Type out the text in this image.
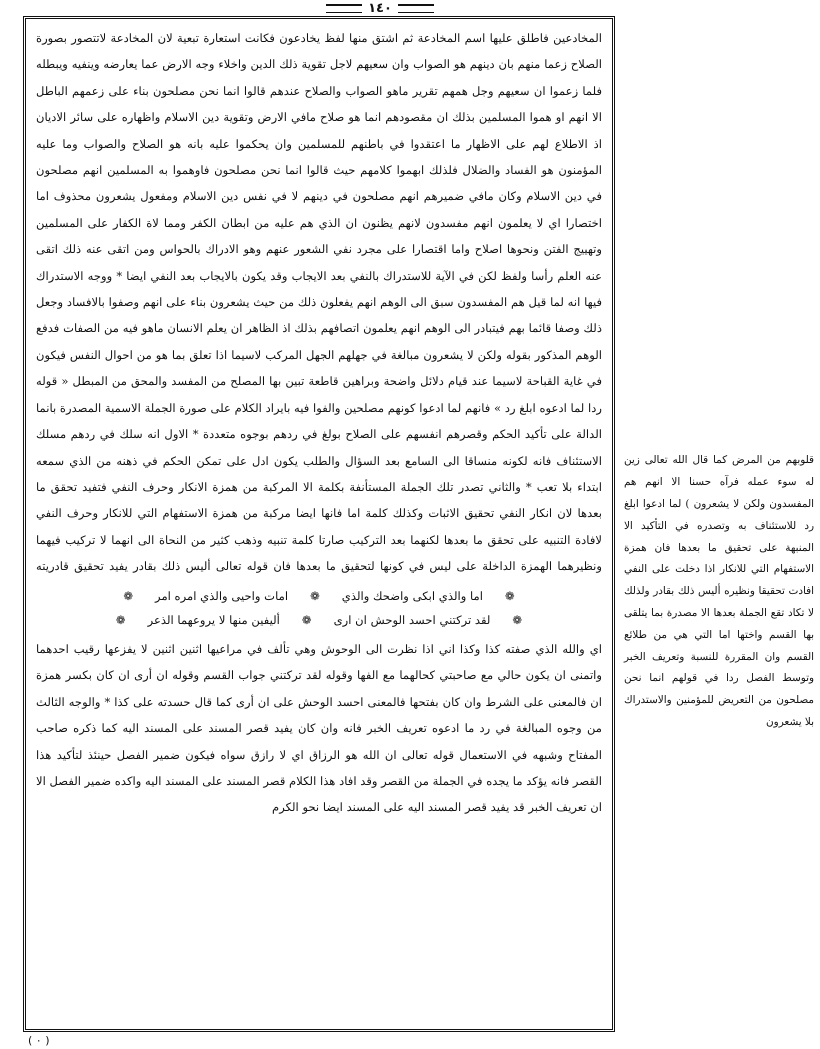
١٤٠

المخادعين فاطلق عليها اسم المخادعة ثم اشتق منها لفظ يخادعون فكانت استعارة تبعية لان المخادعة لاتتصور بصورة الصلاح زعما منهم بان دينهم هو الصواب وان سعيهم لاجل تقوية ذلك الدين واخلاء وجه الارض عما يعارضه وينفيه ويبطله فلما زعموا ان سعيهم وجل همهم تقرير ماهو الصواب والصلاح عندهم قالوا انما نحن مصلحون بناء على زعمهم الباطل الا انهم او هموا المسلمين بذلك ان مقصودهم انما هو صلاح مافي الارض وتقوية دين الاسلام واظهاره على سائر الاديان اذ الاطلاع لهم على الاظهار ما اعتقدوا في باطنهم للمسلمين وان يحكموا عليه بانه هو الصلاح والصواب وما عليه المؤمنون هو الفساد والضلال فلذلك ابهموا كلامهم حيث قالوا انما نحن مصلحون فاوهموا به المسلمين انهم مصلحون في دين الاسلام وكان مافي ضميرهم انهم مصلحون في دينهم لا في نفس دين الاسلام ومفعول يشعرون محذوف اما اختصارا اي لا يعلمون انهم مفسدون لانهم يظنون ان الذي هم عليه من ابطان الكفر ومما لاة الكفار على المسلمين وتهييج الفتن ونحوها اصلاح واما اقتصارا على مجرد نفي الشعور عنهم وهو الادراك بالحواس ومن اتقى عنه ذلك اتقى عنه العلم رأسا ولفظ لكن في الآية للاستدراك بالنفي بعد الايجاب وقد يكون بالايجاب بعد النفي ايضا * ووجه الاستدراك فيها انه لما قيل هم المفسدون سبق الى الوهم انهم يفعلون ذلك من حيث يشعرون بناء على انهم وصفوا بالافساد وجعل ذلك وصفا قائما بهم فيتبادر الى الوهم انهم يعلمون اتصافهم بذلك اذ الظاهر ان يعلم الانسان ماهو فيه من الصفات فدفع الوهم المذكور بقوله ولكن لا يشعرون مبالغة في جهلهم الجهل المركب لاسيما اذا تعلق بما هو من احوال النفس فيكون في غاية القباحة لاسيما عند قيام دلائل واضحة وبراهين قاطعة تبين بها المصلح من المفسد والمحق من المبطل « قوله ردا لما ادعوه ابلغ رد » فانهم لما ادعوا كونهم مصلحين والفوا فيه بايراد الكلام على صورة الجملة الاسمية المصدرة بانما الدالة على تأكيد الحكم وقصرهم انفسهم على الصلاح بولغ في ردهم بوجوه متعددة * الاول انه سلك في ردهم مسلك الاستئناف فانه لكونه منساقا الى السامع بعد السؤال والطلب يكون ادل على تمكن الحكم في ذهنه من الذي سمعه ابتداء بلا تعب * والثاني تصدر تلك الجملة المستأنفة بكلمة الا المركبة من همزة الانكار وحرف النفي فتفيد تحقق ما بعدها لان انكار النفي تحقيق الاثبات وكذلك كلمة اما فانها ايضا مركبة من همزة الاستفهام التي للانكار وحرف النفي لافادة التنبيه على تحقق ما بعدها لكنهما بعد التركيب صارتا كلمة تنبيه وذهب كثير من النحاة الى انهما لا تركيب فيهما ونظيرهما الهمزة الداخلة على ليس في كونها لتحقيق ما بعدها فان قوله تعالى أليس ذلك بقادر يفيد تحقيق قادريته

❁
اما والذي ابكى واضحك والذي
❁
امات واحيى والذي امره امر
❁
❁
لقد تركتني احسد الوحش ان ارى
❁
أليفين منها لا يروعهما الذعر
❁

اي والله الذي صفته كذا وكذا اني اذا نظرت الى الوحوش وهي تألف في مراعيها اثنين اثنين لا يفزعها رقيب احدهما واتمنى ان يكون حالي مع صاحبتي كحالهما مع الفها وقوله لقد تركتني جواب القسم وقوله ان أرى ان كان بكسر همزة ان فالمعنى على الشرط وان كان بفتحها فالمعنى احسد الوحش على ان أرى كما قال حسدته على كذا * والوجه الثالث من وجوه المبالغة في رد ما ادعوه تعريف الخبر فانه وان كان يفيد قصر المسند على المسند اليه كما ذكره صاحب المفتاح وشبهه في الاستعمال قوله تعالى ان الله هو الرزاق اي لا رازق سواه فيكون ضمير الفصل حينئذ لتأكيد هذا القصر فانه يؤكد ما يجده في الجملة من القصر وقد افاد هذا الكلام قصر المسند على المسند اليه واكده ضمير الفصل الا ان تعريف الخبر قد يفيد قصر المسند اليه على المسند ايضا نحو الكرم

قلوبهم من المرض كما قال الله تعالى زين له سوء عمله فرآه حسنا الا انهم هم المفسدون ولكن لا يشعرون ) لما ادعوا ابلغ رد للاستئناف به وتصدره في التأكيد الا المنبهة على تحقيق ما بعدها فان همزة الاستفهام التي للانكار اذا دخلت على النفي افادت تحقيقا ونظيره أليس ذلك بقادر ولذلك لا تكاد تقع الجملة بعدها الا مصدرة بما يتلقى بها القسم واختها اما التي هي من طلائع القسم وان المقررة للنسبة وتعريف الخبر وتوسط الفصل ردا في قولهم انما نحن مصلحون من التعريض للمؤمنين والاستدراك بلا يشعرون

( ٠ )
